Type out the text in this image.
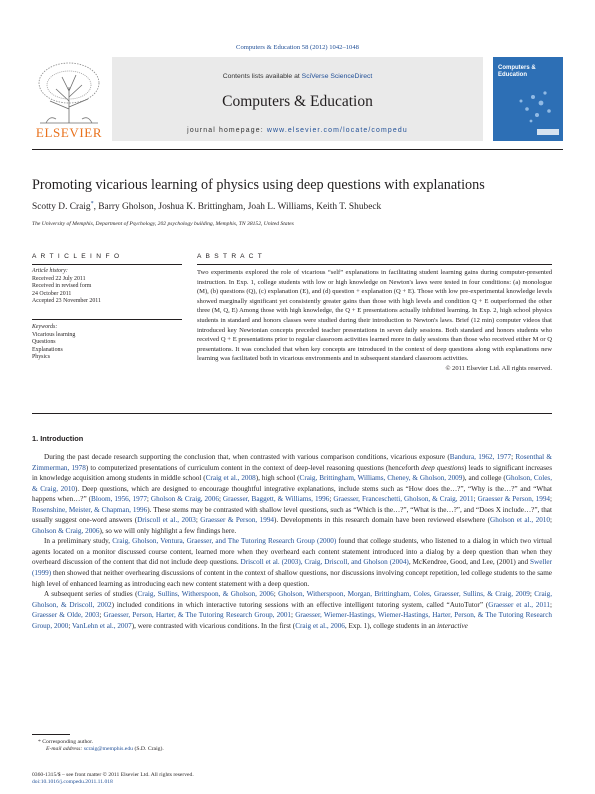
Computers & Education 58 (2012) 1042–1048
ELSEVIER
Contents lists available at SciVerse ScienceDirect
Computers & Education
journal homepage: www.elsevier.com/locate/compedu
Computers & Education
Promoting vicarious learning of physics using deep questions with explanations
Scotty D. Craig*, Barry Gholson, Joshua K. Brittingham, Joah L. Williams, Keith T. Shubeck
The University of Memphis, Department of Psychology, 202 psychology building, Memphis, TN 38152, United States
A R T I C L E I N F O
Article history:
Received 22 July 2011
Received in revised form
24 October 2011
Accepted 23 November 2011
Keywords:
Vicarious learning
Questions
Explanations
Physics
A B S T R A C T
Two experiments explored the role of vicarious “self” explanations in facilitating student learning gains during computer-presented instruction. In Exp. 1, college students with low or high knowledge on Newton's laws were tested in four conditions: (a) monologue (M), (b) questions (Q), (c) explanation (E), and (d) question + explanation (Q + E). Those with low pre-experimental knowledge levels showed marginally significant yet consistently greater gains than those with high levels and condition Q + E outperformed the other three (M, Q, E) Among those with high knowledge, the Q + E presentations actually inhibited learning. In Exp. 2, high school physics students in standard and honors classes were studied during their introduction to Newton's laws. Brief (12 min) computer videos that introduced key Newtonian concepts preceded teacher presentations in seven daily sessions. Both standard and honors students who received Q + E presentations prior to regular classroom activities learned more in daily sessions than those who received either M or Q presentations. It was concluded that when key concepts are introduced in the context of deep questions along with explanations new learning was facilitated both in vicarious environments and in subsequent standard classroom activities.
© 2011 Elsevier Ltd. All rights reserved.
1. Introduction

During the past decade research supporting the conclusion that, when contrasted with various comparison conditions, vicarious exposure (Bandura, 1962, 1977; Rosenthal & Zimmerman, 1978) to computerized presentations of curriculum content in the context of deep-level reasoning questions (henceforth deep questions) leads to significant increases in knowledge acquisition among students in middle school (Craig et al., 2008), high school (Craig, Brittingham, Williams, Cheney, & Gholson, 2009), and college (Gholson, Coles, & Craig, 2010). Deep questions, which are designed to encourage thoughtful integrative explanations, include stems such as “How does the…?”, “Why is the…?” and “What happens when…?” (Bloom, 1956, 1977; Gholson & Craig, 2006; Graesser, Baggett, & Williams, 1996; Graesser, Franceschetti, Gholson, & Craig, 2011; Graesser & Person, 1994; Rosenshine, Meister, & Chapman, 1996). These stems may be contrasted with shallow level questions, such as “Which is the…?”, “What is the…?”, and “Does X include…?”, that usually suggest one-word answers (Driscoll et al., 2003; Graesser & Person, 1994). Developments in this research domain have been reviewed elsewhere (Gholson et al., 2010; Gholson & Craig, 2006), so we will only highlight a few findings here.

In a preliminary study, Craig, Gholson, Ventura, Graesser, and The Tutoring Research Group (2000) found that college students, who listened to a dialog in which two virtual agents located on a monitor discussed course content, learned more when they overheard each content statement introduced into a dialog by a deep question than when they overheard discussion of the content that did not include deep questions. Driscoll et al. (2003), Craig, Driscoll, and Gholson (2004), McKendree, Good, and Lee, (2001) and Sweller (1999) then showed that neither overhearing discussions of content in the context of shallow questions, nor discussions involving concept repetition, led college students to the same high level of enhanced learning as introducing each new content statement with a deep question.

A subsequent series of studies (Craig, Sullins, Witherspoon, & Gholson, 2006; Gholson, Witherspoon, Morgan, Brittingham, Coles, Graesser, Sullins, & Craig, 2009; Craig, Gholson, & Driscoll, 2002) included conditions in which interactive tutoring sessions with an effective intelligent tutoring system, called “AutoTutor” (Graesser et al., 2011; Graesser & Olde, 2003; Graesser, Person, Harter, & The Tutoring Research Group, 2001; Graesser, Wiemer-Hastings, Wiemer-Hastings, Harter, Person, & The Tutoring Research Group, 2000; VanLehn et al., 2007), were contrasted with vicarious conditions. In the first (Craig et al., 2006, Exp. 1), college students in an interactive

* Corresponding author.
E-mail address: scraig@memphis.edu (S.D. Craig).
0360-1315/$ – see front matter © 2011 Elsevier Ltd. All rights reserved.
doi:10.1016/j.compedu.2011.11.018
